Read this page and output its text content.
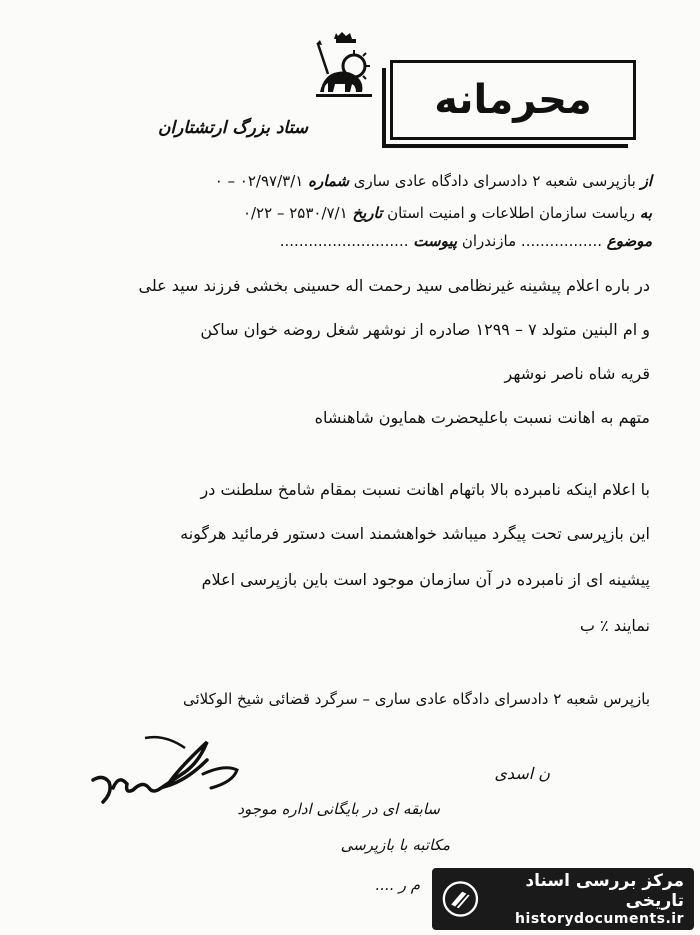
محرمانه
ستاد بزرگ ارتشتاران
از بازپرسی شعبه ۲ دادسرای دادگاه عادی ساری شماره ۰۲/۹۷/۳/۱ – ۰
به ریاست سازمان اطلاعات و امنیت استان تاریخ ۲۵۳۰/۷/۱ – ۰/۲۲
موضوع ................. مازندران پیوست ...........................
در باره اعلام پیشینه غیرنظامی سید رحمت اله حسینی بخشی فرزند سید علی
و ام البنین متولد ۷ – ۱۲۹۹ صادره از نوشهر شغل روضه خوان ساکن
قریه شاه ناصر نوشهر
متهم به اهانت نسبت باعلیحضرت همایون شاهنشاه
با اعلام اینکه نامبرده بالا باتهام اهانت نسبت بمقام شامخ سلطنت در
این بازپرسی تحت پیگرد میباشد خواهشمند است دستور فرمائید هرگونه
پیشینه ای از نامبرده در آن سازمان موجود است باین بازپرسی اعلام
نمایند ٪ ب
بازپرس شعبه ۲ دادسرای دادگاه عادی ساری – سرگرد قضائی شیخ الوکلائی
ن اسدی
سابقه ای در بایگانی اداره موجود
مکاتبه با بازپرسی
م ر ....	مرکز بررسی اسناد تاریخی
historydocuments.ir
